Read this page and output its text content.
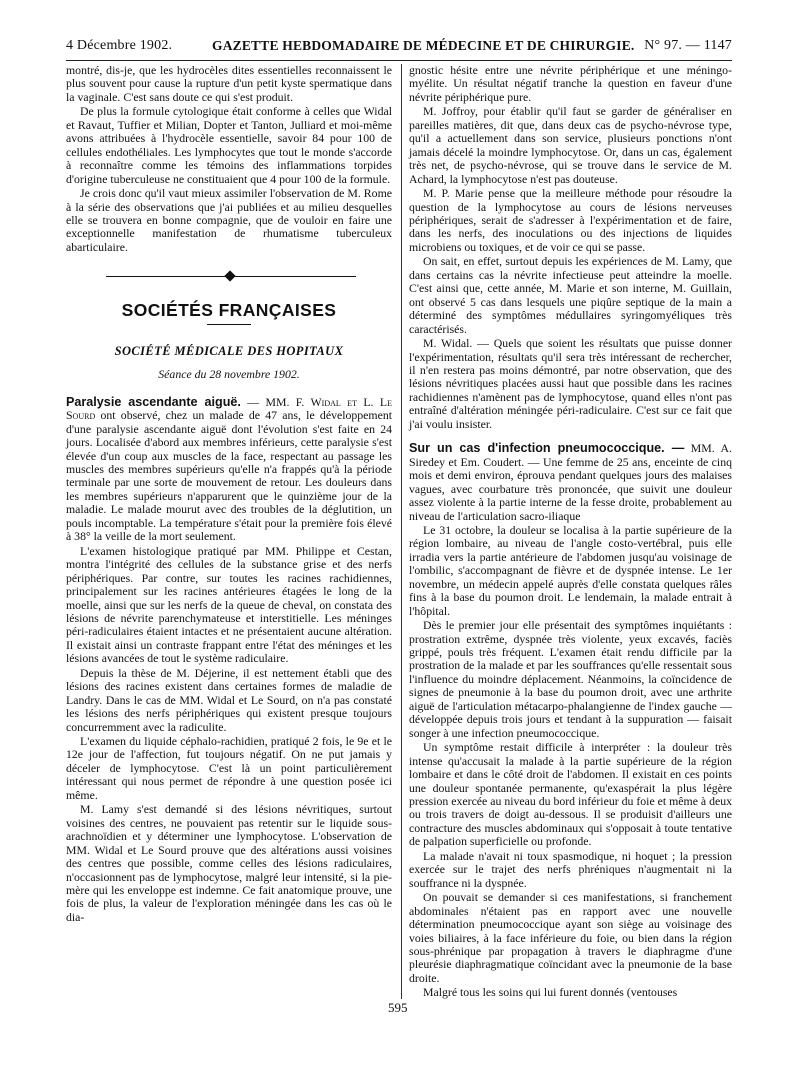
4 Décembre 1902.	GAZETTE HEBDOMADAIRE DE MÉDECINE ET DE CHIRURGIE. N° 97. — 1147

montré, dis-je, que les hydrocèles dites essentielles reconnaissent le plus souvent pour cause la rupture d'un petit kyste spermatique dans la vaginale. C'est sans doute ce qui s'est produit.

De plus la formule cytologique était conforme à celles que Widal et Ravaut, Tuffier et Milian, Dopter et Tanton, Julliard et moi-même avons attribuées à l'hydrocèle essentielle, savoir 84 pour 100 de cellules endothéliales. Les lymphocytes que tout le monde s'accorde à reconnaître comme les témoins des inflammations torpides d'origine tuberculeuse ne constituaient que 4 pour 100 de la formule.

Je crois donc qu'il vaut mieux assimiler l'observation de M. Rome à la série des observations que j'ai publiées et au milieu desquelles elle se trouvera en bonne compagnie, que de vouloir en faire une exceptionnelle manifestation de rhumatisme tuberculeux abarticulaire.

SOCIÉTÉS FRANÇAISES
SOCIÉTÉ MÉDICALE DES HOPITAUX
Séance du 28 novembre 1902.

Paralysie ascendante aiguë. — MM. F. Widal et L. Le Sourd ont observé, chez un malade de 47 ans, le développement d'une paralysie ascendante aiguë dont l'évolution s'est faite en 24 jours. Localisée d'abord aux membres inférieurs, cette paralysie s'est élevée d'un coup aux muscles de la face, respectant au passage les muscles des membres supérieurs qu'elle n'a frappés qu'à la période terminale par une sorte de mouvement de retour. Les douleurs dans les membres supérieurs n'apparurent que le quinzième jour de la maladie. Le malade mourut avec des troubles de la déglutition, un pouls incomptable. La température s'était pour la première fois élevé à 38° la veille de la mort seulement.

L'examen histologique pratiqué par MM. Philippe et Cestan, montra l'intégrité des cellules de la substance grise et des nerfs périphériques. Par contre, sur toutes les racines rachidiennes, principalement sur les racines antérieures étagées le long de la moelle, ainsi que sur les nerfs de la queue de cheval, on constata des lésions de névrite parenchymateuse et interstitielle. Les méninges péri-radiculaires étaient intactes et ne présentaient aucune altération. Il existait ainsi un contraste frappant entre l'état des méninges et les lésions avancées de tout le système radiculaire.

Depuis la thèse de M. Déjerine, il est nettement établi que des lésions des racines existent dans certaines formes de maladie de Landry. Dans le cas de MM. Widal et Le Sourd, on n'a pas constaté les lésions des nerfs périphériques qui existent presque toujours concurremment avec la radiculite.

L'examen du liquide céphalo-rachidien, pratiqué 2 fois, le 9e et le 12e jour de l'affection, fut toujours négatif. On ne put jamais y déceler de lymphocytose. C'est là un point particulièrement intéressant qui nous permet de répondre à une question posée ici même.

M. Lamy s'est demandé si des lésions névritiques, surtout voisines des centres, ne pouvaient pas retentir sur le liquide sous-arachnoïdien et y déterminer une lymphocytose. L'observation de MM. Widal et Le Sourd prouve que des altérations aussi voisines des centres que possible, comme celles des lésions radiculaires, n'occasionnent pas de lymphocytose, malgré leur intensité, si la pie-mère qui les enveloppe est indemne. Ce fait anatomique prouve, une fois de plus, la valeur de l'exploration méningée dans les cas où le dia-

gnostic hésite entre une névrite périphérique et une méningo-myélite. Un résultat négatif tranche la question en faveur d'une névrite périphérique pure.

M. Joffroy, pour établir qu'il faut se garder de généraliser en pareilles matières, dit que, dans deux cas de psycho-névrose type, qu'il a actuellement dans son service, plusieurs ponctions n'ont jamais décelé la moindre lymphocytose. Or, dans un cas, également très net, de psycho-névrose, qui se trouve dans le service de M. Achard, la lymphocytose n'est pas douteuse.

M. P. Marie pense que la meilleure méthode pour résoudre la question de la lymphocytose au cours de lésions nerveuses périphériques, serait de s'adresser à l'expérimentation et de faire, dans les nerfs, des inoculations ou des injections de liquides microbiens ou toxiques, et de voir ce qui se passe.

On sait, en effet, surtout depuis les expériences de M. Lamy, que dans certains cas la névrite infectieuse peut atteindre la moelle. C'est ainsi que, cette année, M. Marie et son interne, M. Guillain, ont observé 5 cas dans lesquels une piqûre septique de la main a déterminé des symptômes médullaires syringomyéliques très caractérisés.

M. Widal. — Quels que soient les résultats que puisse donner l'expérimentation, résultats qu'il sera très intéressant de rechercher, il n'en restera pas moins démontré, par notre observation, que des lésions névritiques placées aussi haut que possible dans les racines rachidiennes n'amènent pas de lymphocytose, quand elles n'ont pas entraîné d'altération méningée péri-radiculaire. C'est sur ce fait que j'ai voulu insister.

Sur un cas d'infection pneumococcique. — MM. A. Siredey et Em. Coudert. — Une femme de 25 ans, enceinte de cinq mois et demi environ, éprouva pendant quelques jours des malaises vagues, avec courbature très prononcée, que suivit une douleur assez violente à la partie interne de la fesse droite, probablement au niveau de l'articulation sacro-iliaque

Le 31 octobre, la douleur se localisa à la partie supérieure de la région lombaire, au niveau de l'angle costo-vertébral, puis elle irradia vers la partie antérieure de l'abdomen jusqu'au voisinage de l'ombilic, s'accompagnant de fièvre et de dyspnée intense. Le 1er novembre, un médecin appelé auprès d'elle constata quelques râles fins à la base du poumon droit. Le lendemain, la malade entrait à l'hôpital.

Dès le premier jour elle présentait des symptômes inquiétants : prostration extrême, dyspnée très violente, yeux excavés, faciès grippé, pouls très fréquent. L'examen était rendu difficile par la prostration de la malade et par les souffrances qu'elle ressentait sous l'influence du moindre déplacement. Néanmoins, la coïncidence de signes de pneumonie à la base du poumon droit, avec une arthrite aiguë de l'articulation métacarpo-phalangienne de l'index gauche — développée depuis trois jours et tendant à la suppuration — faisait songer à une infection pneumococcique.

Un symptôme restait difficile à interpréter : la douleur très intense qu'accusait la malade à la partie supérieure de la région lombaire et dans le côté droit de l'abdomen. Il existait en ces points une douleur spontanée permanente, qu'exaspérait la plus légère pression exercée au niveau du bord inférieur du foie et même à deux ou trois travers de doigt au-dessous. Il se produisit d'ailleurs une contracture des muscles abdominaux qui s'opposait à toute tentative de palpation superficielle ou profonde.

La malade n'avait ni toux spasmodique, ni hoquet ; la pression exercée sur le trajet des nerfs phréniques n'augmentait ni la souffrance ni la dyspnée.

On pouvait se demander si ces manifestations, si franchement abdominales n'étaient pas en rapport avec une nouvelle détermination pneumococcique ayant son siège au voisinage des voies biliaires, à la face inférieure du foie, ou bien dans la région sous-phrénique par propagation à travers le diaphragme d'une pleurésie diaphragmatique coïncidant avec la pneumonie de la base droite.

Malgré tous les soins qui lui furent donnés (ventouses

595
